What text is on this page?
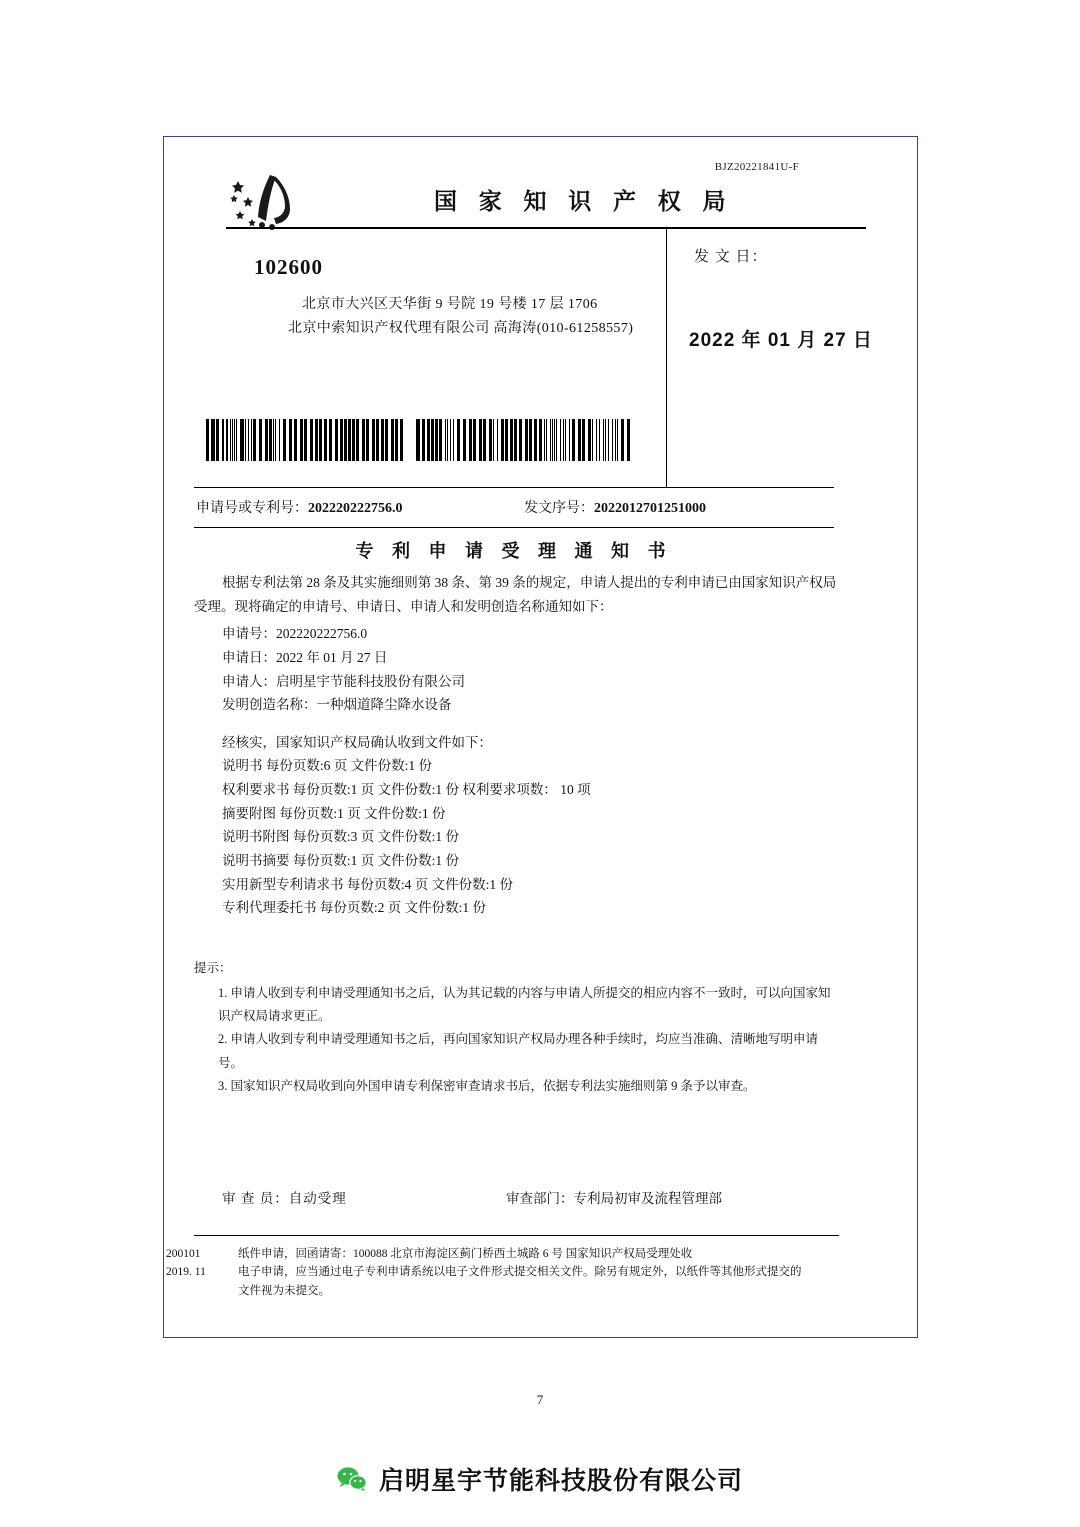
BJZ20221841U-F
国 家 知 识 产 权 局
102600
北京市大兴区天华街 9 号院 19 号楼 17 层 1706
北京中索知识产权代理有限公司 高海涛(010-61258557)
发 文 日：
2022 年 01 月 27 日
申请号或专利号：202220222756.0	发文序号：2022012701251000
专 利 申 请 受 理 通 知 书

根据专利法第 28 条及其实施细则第 38 条、第 39 条的规定，申请人提出的专利申请已由国家知识产权局受理。现将确定的申请号、申请日、申请人和发明创造名称通知如下：

申请号：202220222756.0

申请日：2022 年 01 月 27 日

申请人：启明星宇节能科技股份有限公司

发明创造名称：一种烟道降尘降水设备

经核实，国家知识产权局确认收到文件如下：

说明书 每份页数:6 页 文件份数:1 份

权利要求书 每份页数:1 页 文件份数:1 份 权利要求项数： 10 项

摘要附图 每份页数:1 页 文件份数:1 份

说明书附图 每份页数:3 页 文件份数:1 份

说明书摘要 每份页数:1 页 文件份数:1 份

实用新型专利请求书 每份页数:4 页 文件份数:1 份

专利代理委托书 每份页数:2 页 文件份数:1 份

提示：

1. 申请人收到专利申请受理通知书之后，认为其记载的内容与申请人所提交的相应内容不一致时，可以向国家知识产权局请求更正。

2. 申请人收到专利申请受理通知书之后，再向国家知识产权局办理各种手续时，均应当准确、清晰地写明申请号。

3. 国家知识产权局收到向外国申请专利保密审查请求书后，依据专利法实施细则第 9 条予以审查。

审 查 员：自动受理	审查部门：专利局初审及流程管理部
200101
2019. 11
纸件申请，回函请寄：100088 北京市海淀区蓟门桥西土城路 6 号 国家知识产权局受理处收
电子申请，应当通过电子专利申请系统以电子文件形式提交相关文件。除另有规定外，以纸件等其他形式提交的
文件视为未提交。
7
启明星宇节能科技股份有限公司
